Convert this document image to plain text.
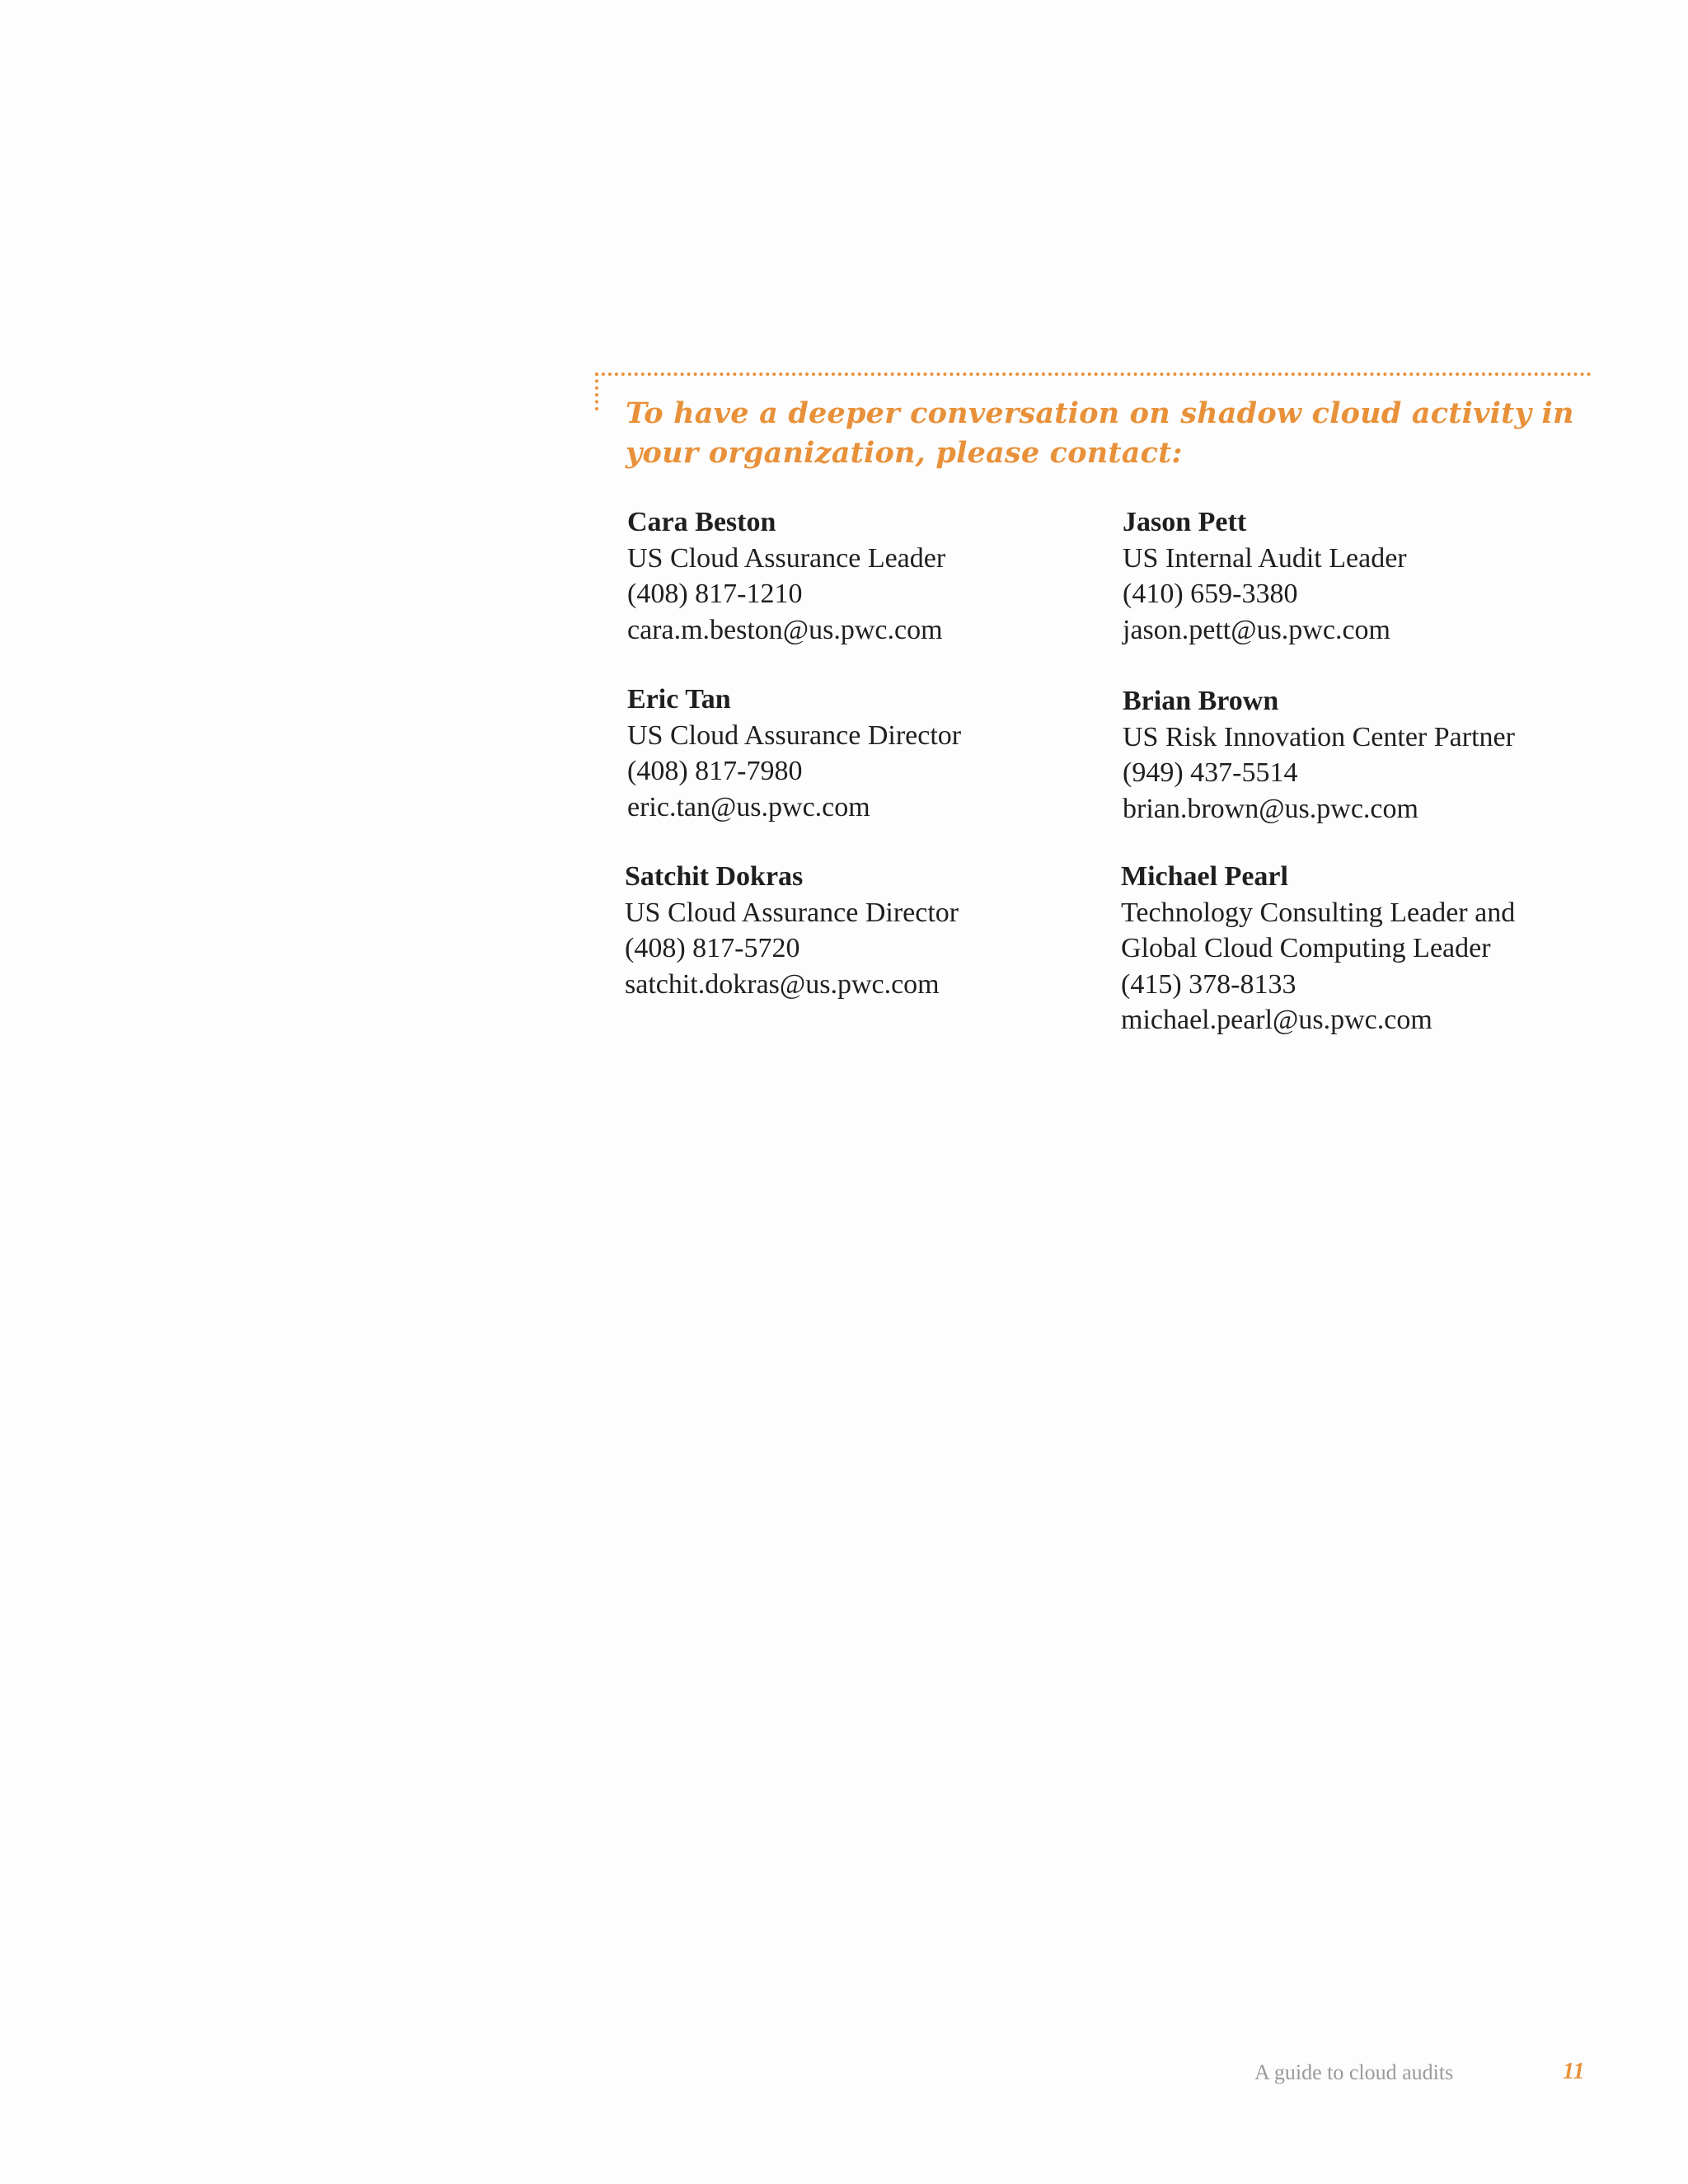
To have a deeper conversation on shadow cloud activity in your organization, please contact:
Cara Beston
US Cloud Assurance Leader
(408) 817-1210
cara.m.beston@us.pwc.com
Eric Tan
US Cloud Assurance Director
(408) 817-7980
eric.tan@us.pwc.com
Satchit Dokras
US Cloud Assurance Director
(408) 817-5720
satchit.dokras@us.pwc.com
Jason Pett
US Internal Audit Leader
(410) 659-3380
jason.pett@us.pwc.com
Brian Brown
US Risk Innovation Center Partner
(949) 437-5514
brian.brown@us.pwc.com
Michael Pearl
Technology Consulting Leader and
Global Cloud Computing Leader
(415) 378-8133
michael.pearl@us.pwc.com
A guide to cloud audits	11
